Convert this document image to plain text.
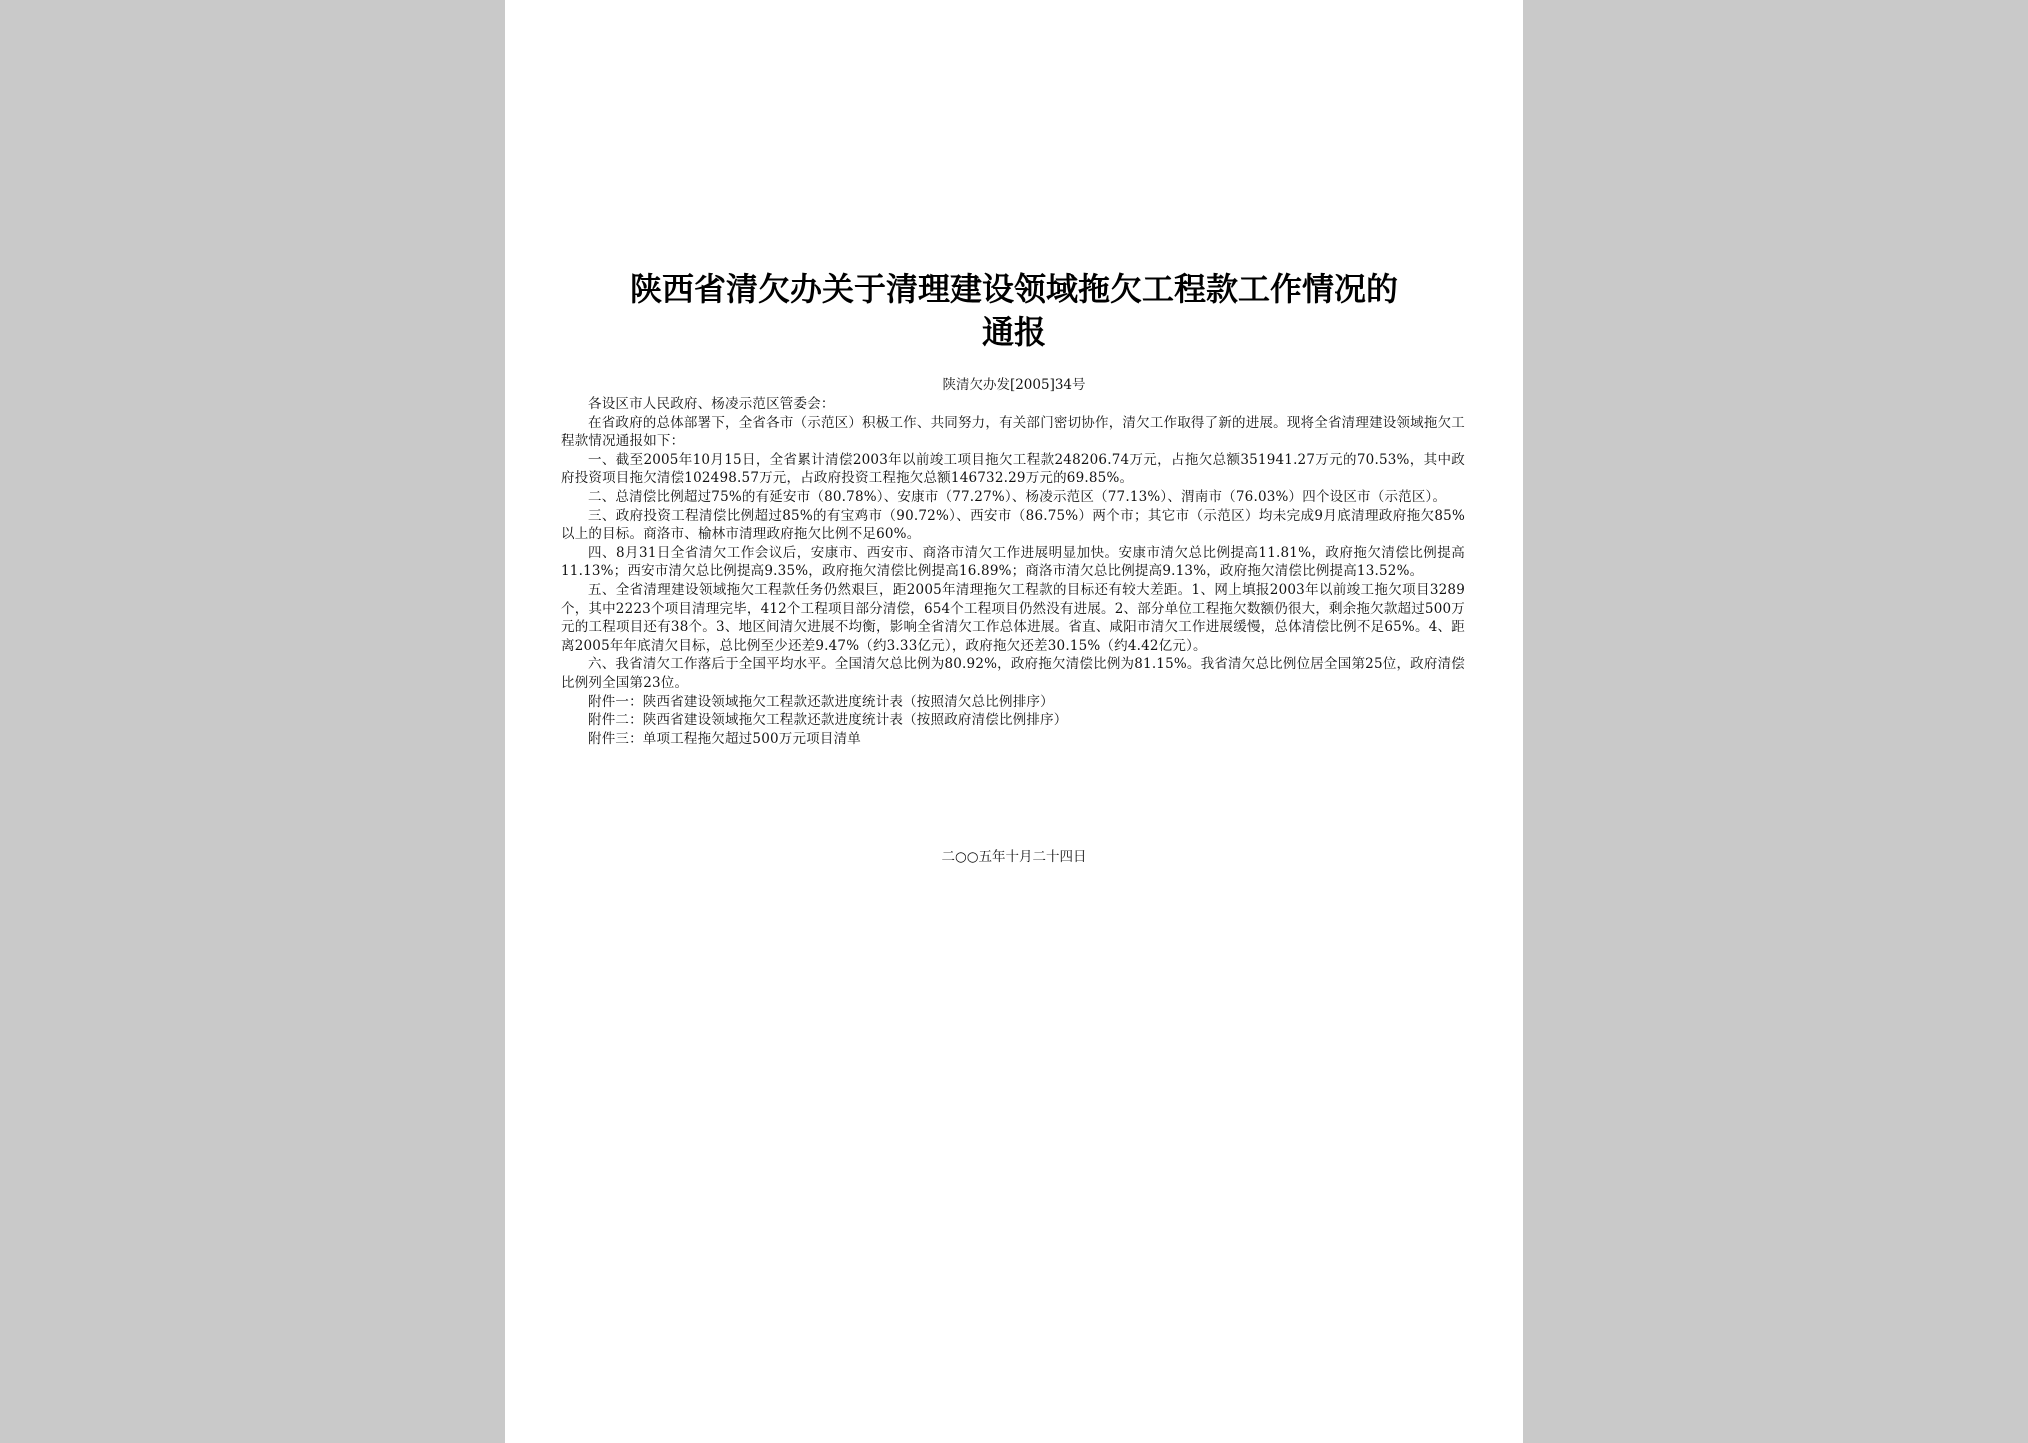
陕西省清欠办关于清理建设领域拖欠工程款工作情况的
通报
陕清欠办发[2005]34号

各设区市人民政府、杨凌示范区管委会：

在省政府的总体部署下，全省各市（示范区）积极工作、共同努力，有关部门密切协作，清欠工作取得了新的进展。现将全省清理建设领域拖欠工程款情况通报如下：

一、截至2005年10月15日，全省累计清偿2003年以前竣工项目拖欠工程款248206.74万元，占拖欠总额351941.27万元的70.53%，其中政府投资项目拖欠清偿102498.57万元，占政府投资工程拖欠总额146732.29万元的69.85%。

二、总清偿比例超过75%的有延安市（80.78%）、安康市（77.27%）、杨凌示范区（77.13%）、渭南市（76.03%）四个设区市（示范区）。

三、政府投资工程清偿比例超过85%的有宝鸡市（90.72%）、西安市（86.75%）两个市；其它市（示范区）均未完成9月底清理政府拖欠85%以上的目标。商洛市、榆林市清理政府拖欠比例不足60%。

四、8月31日全省清欠工作会议后，安康市、西安市、商洛市清欠工作进展明显加快。安康市清欠总比例提高11.81%，政府拖欠清偿比例提高11.13%；西安市清欠总比例提高9.35%，政府拖欠清偿比例提高16.89%；商洛市清欠总比例提高9.13%，政府拖欠清偿比例提高13.52%。

五、全省清理建设领域拖欠工程款任务仍然艰巨，距2005年清理拖欠工程款的目标还有较大差距。1、网上填报2003年以前竣工拖欠项目3289个，其中2223个项目清理完毕，412个工程项目部分清偿，654个工程项目仍然没有进展。2、部分单位工程拖欠数额仍很大，剩余拖欠款超过500万元的工程项目还有38个。3、地区间清欠进展不均衡，影响全省清欠工作总体进展。省直、咸阳市清欠工作进展缓慢，总体清偿比例不足65%。4、距离2005年年底清欠目标，总比例至少还差9.47%（约3.33亿元），政府拖欠还差30.15%（约4.42亿元）。

六、我省清欠工作落后于全国平均水平。全国清欠总比例为80.92%，政府拖欠清偿比例为81.15%。我省清欠总比例位居全国第25位，政府清偿比例列全国第23位。

附件一：陕西省建设领域拖欠工程款还款进度统计表（按照清欠总比例排序）

附件二：陕西省建设领域拖欠工程款还款进度统计表（按照政府清偿比例排序）

附件三：单项工程拖欠超过500万元项目清单

二○○五年十月二十四日
